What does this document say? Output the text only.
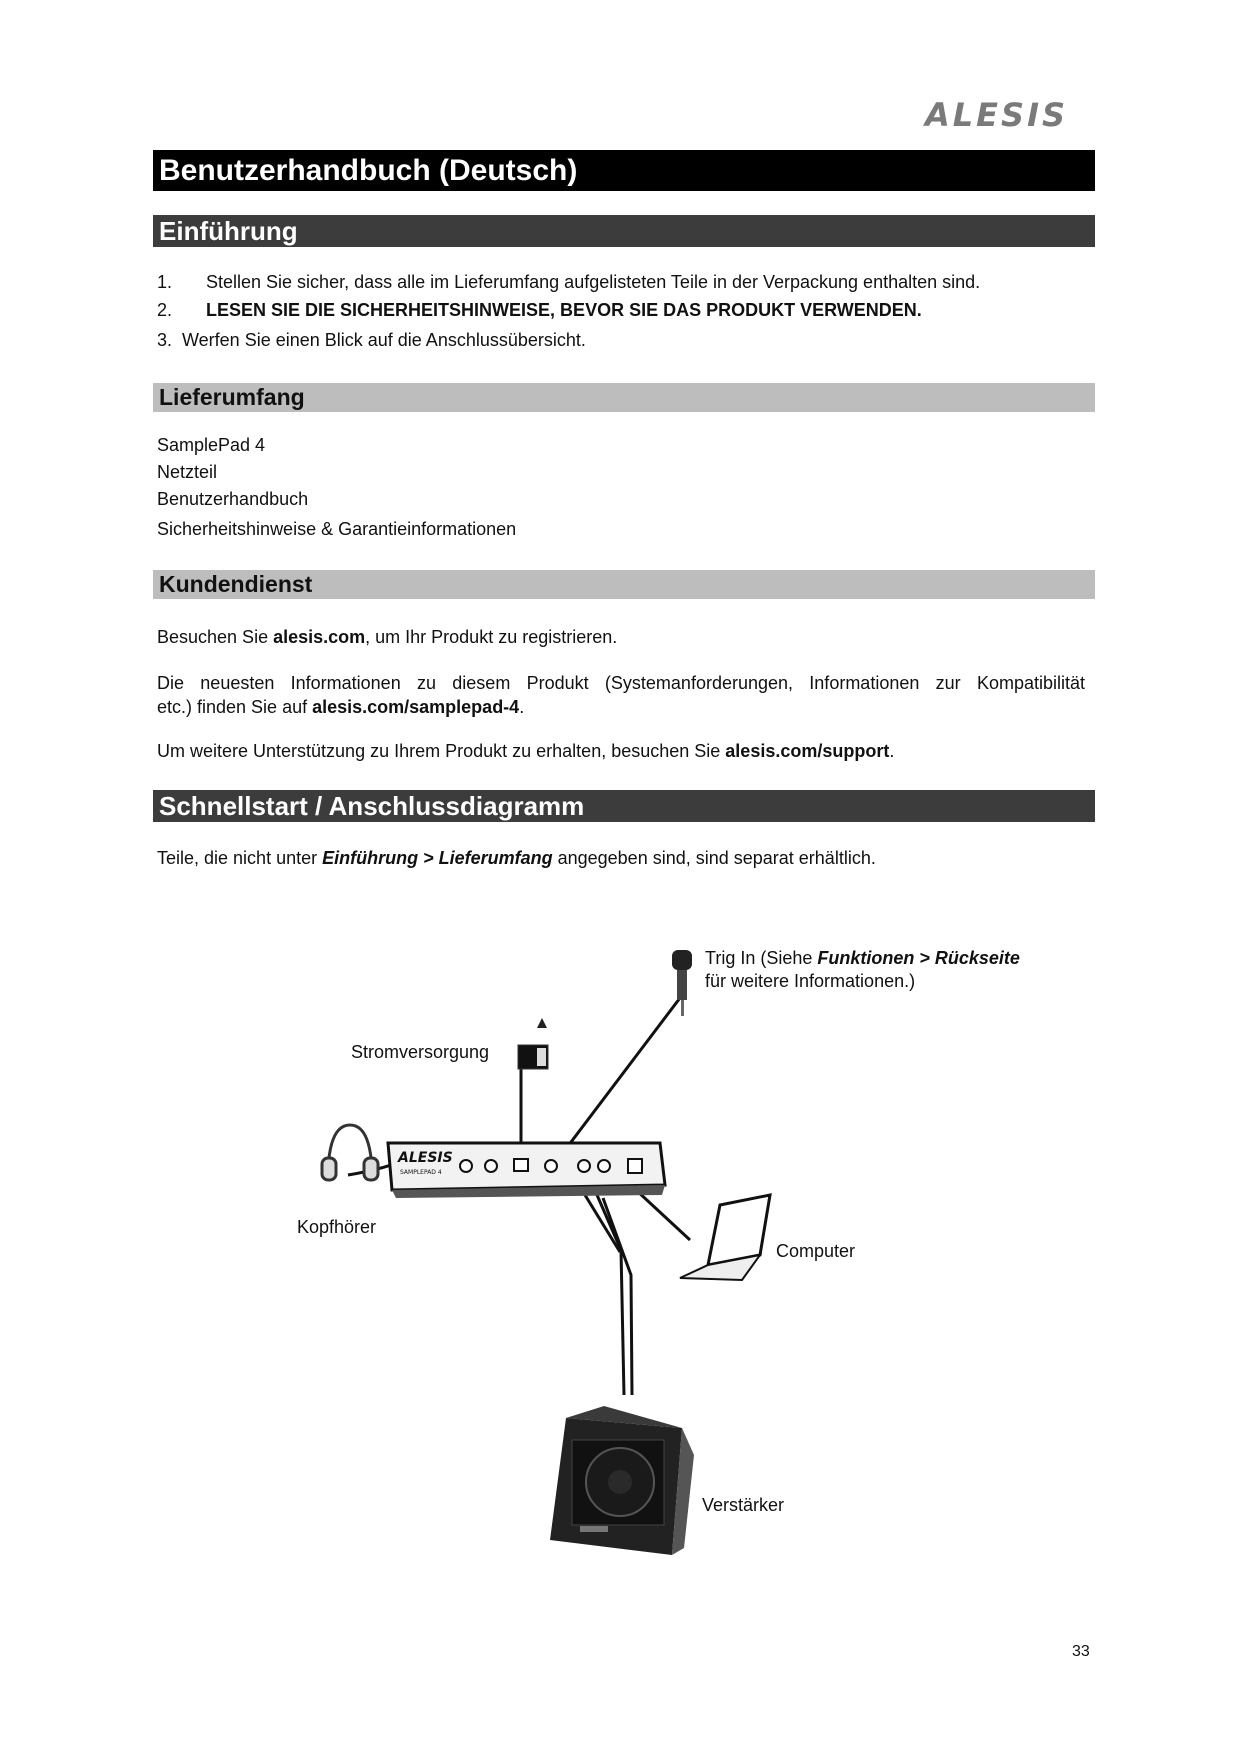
ALESIS
Benutzerhandbuch (Deutsch)
Einführung
1. Stellen Sie sicher, dass alle im Lieferumfang aufgelisteten Teile in der Verpackung enthalten sind.
2. LESEN SIE DIE SICHERHEITSHINWEISE, BEVOR SIE DAS PRODUKT VERWENDEN.
3. Werfen Sie einen Blick auf die Anschlussübersicht.
Lieferumfang
SamplePad 4
Netzteil
Benutzerhandbuch
Sicherheitshinweise & Garantieinformationen
Kundendienst
Besuchen Sie alesis.com, um Ihr Produkt zu registrieren.
Die neuesten Informationen zu diesem Produkt (Systemanforderungen, Informationen zur Kompatibilität
etc.) finden Sie auf alesis.com/samplepad-4.
Um weitere Unterstützung zu Ihrem Produkt zu erhalten, besuchen Sie alesis.com/support.
Schnellstart / Anschlussdiagramm
Teile, die nicht unter Einführung > Lieferumfang angegeben sind, sind separat erhältlich.
ALESIS
SAMPLEPAD 4
Trig In (Siehe Funktionen > Rückseite
für weitere Informationen.)
Stromversorgung
Kopfhörer
Computer
Verstärker
33
